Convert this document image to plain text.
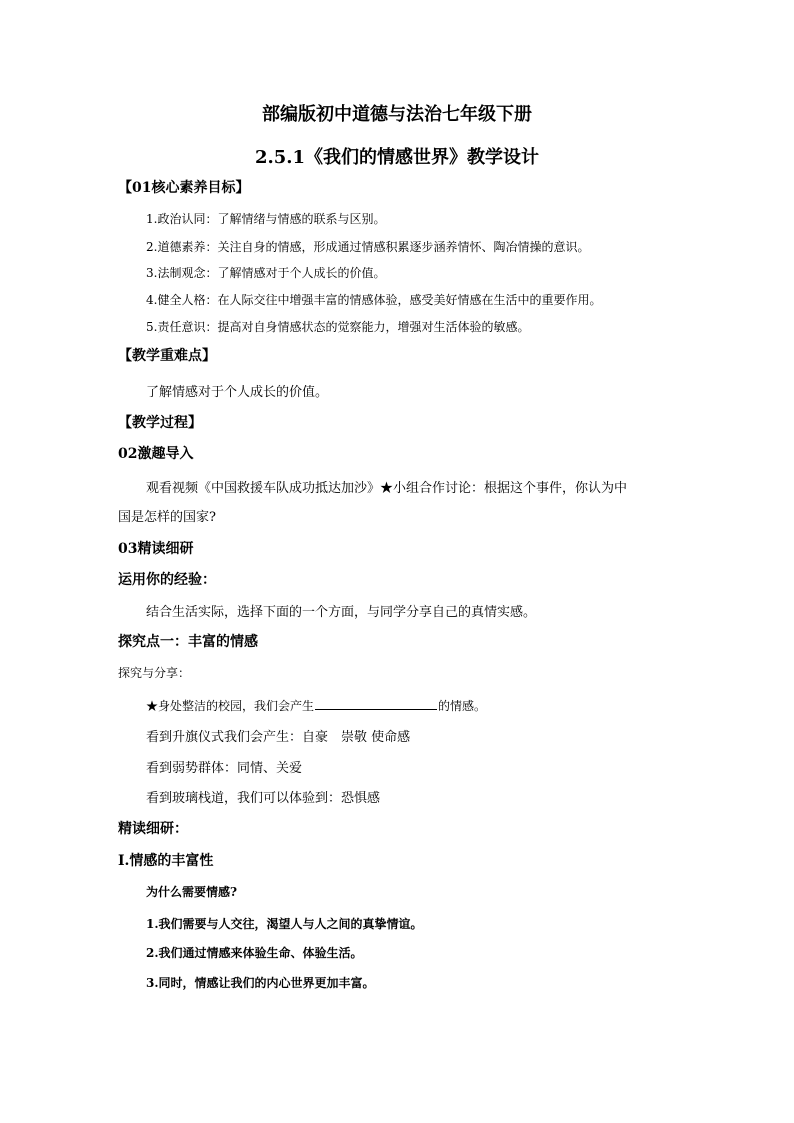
部编版初中道德与法治七年级下册
2.5.1《我们的情感世界》教学设计
【01核心素养目标】
1.政治认同：了解情绪与情感的联系与区别。
2.道德素养：关注自身的情感，形成通过情感积累逐步涵养情怀、陶冶情操的意识。
3.法制观念：了解情感对于个人成长的价值。
4.健全人格：在人际交往中增强丰富的情感体验，感受美好情感在生活中的重要作用。
5.责任意识：提高对自身情感状态的觉察能力，增强对生活体验的敏感。
【教学重难点】
了解情感对于个人成长的价值。
【教学过程】
02激趣导入
观看视频《中国救援车队成功抵达加沙》★小组合作讨论：根据这个事件，你认为中
国是怎样的国家?
03精读细研
运用你的经验：
结合生活实际，选择下面的一个方面，与同学分享自己的真情实感。
探究点一：丰富的情感
探究与分享：
★身处整洁的校园，我们会产生	的情感。
看到升旗仪式我们会产生：自豪　崇敬 使命感
看到弱势群体：同情、关爱
看到玻璃栈道，我们可以体验到：恐惧感
精读细研：
Ⅰ.情感的丰富性
为什么需要情感?
1.我们需要与人交往，渴望人与人之间的真挚情谊。
2.我们通过情感来体验生命、体验生活。
3.同时，情感让我们的内心世界更加丰富。
